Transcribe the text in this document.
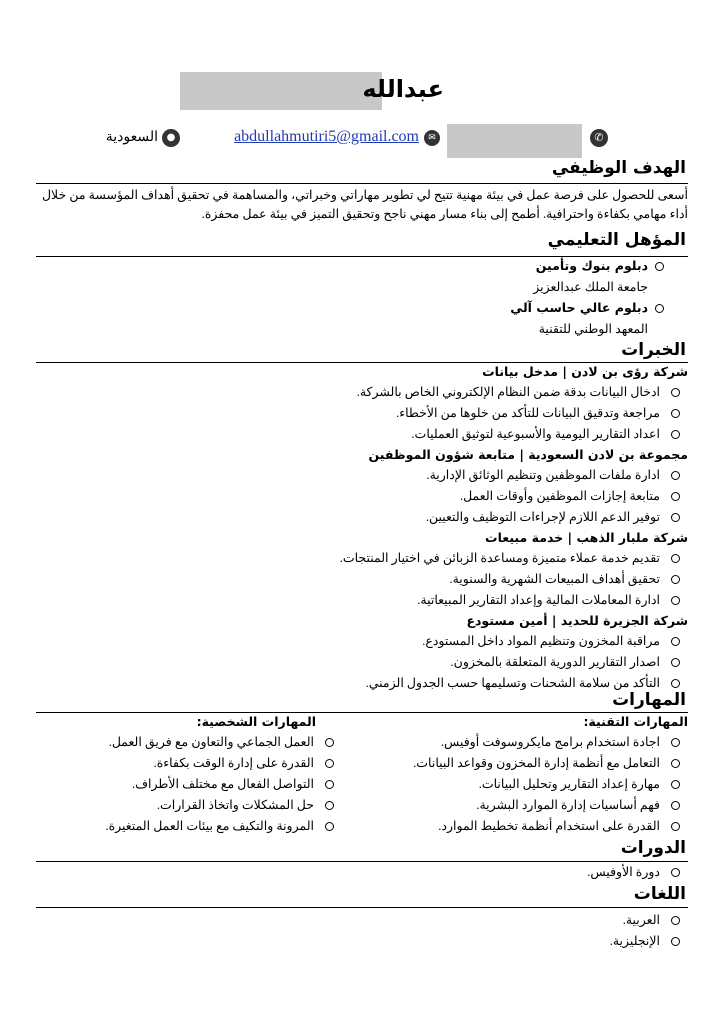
عبدالله
✆
✉
abdullahmutiri5@gmail.com
●
السعودية
الهدف الوظيفي
أسعى للحصول على فرصة عمل في بيئة مهنية تتيح لي تطوير مهاراتي وخبراتي، والمساهمة في تحقيق أهداف المؤسسة من خلال أداء مهامي بكفاءة واحترافية. أطمح إلى بناء مسار مهني ناجح وتحقيق التميز في بيئة عمل محفزة.
المؤهل التعليمي
دبلوم بنوك وتأمين
جامعة الملك عبدالعزيز
دبلوم عالي حاسب آلي
المعهد الوطني للتقنية
الخبرات
شركة رؤى بن لادن | مدخل بيانات
ادخال البيانات بدقة ضمن النظام الإلكتروني الخاص بالشركة.
مراجعة وتدقيق البيانات للتأكد من خلوها من الأخطاء.
اعداد التقارير اليومية والأسبوعية لتوثيق العمليات.
مجموعة بن لادن السعودية | متابعة شؤون الموظفين
ادارة ملفات الموظفين وتنظيم الوثائق الإدارية.
متابعة إجازات الموظفين وأوقات العمل.
توفير الدعم اللازم لإجراءات التوظيف والتعيين.
شركة ملبار الذهب | خدمة مبيعات
تقديم خدمة عملاء متميزة ومساعدة الزبائن في اختيار المنتجات.
تحقيق أهداف المبيعات الشهرية والسنوية.
ادارة المعاملات المالية وإعداد التقارير المبيعاتية.
شركة الجزيرة للحديد | أمين مستودع
مراقبة المخزون وتنظيم المواد داخل المستودع.
اصدار التقارير الدورية المتعلقة بالمخزون.
التأكد من سلامة الشحنات وتسليمها حسب الجدول الزمني.
المهارات
المهارات التقنية:
اجادة استخدام برامج مايكروسوفت أوفيس.
التعامل مع أنظمة إدارة المخزون وقواعد البيانات.
مهارة إعداد التقارير وتحليل البيانات.
فهم أساسيات إدارة الموارد البشرية.
القدرة على استخدام أنظمة تخطيط الموارد.
المهارات الشخصية:
العمل الجماعي والتعاون مع فريق العمل.
القدرة على إدارة الوقت بكفاءة.
التواصل الفعال مع مختلف الأطراف.
حل المشكلات واتخاذ القرارات.
المرونة والتكيف مع بيئات العمل المتغيرة.
الدورات
دورة الأوفيس.
اللغات
العربية.
الإنجليزية.
